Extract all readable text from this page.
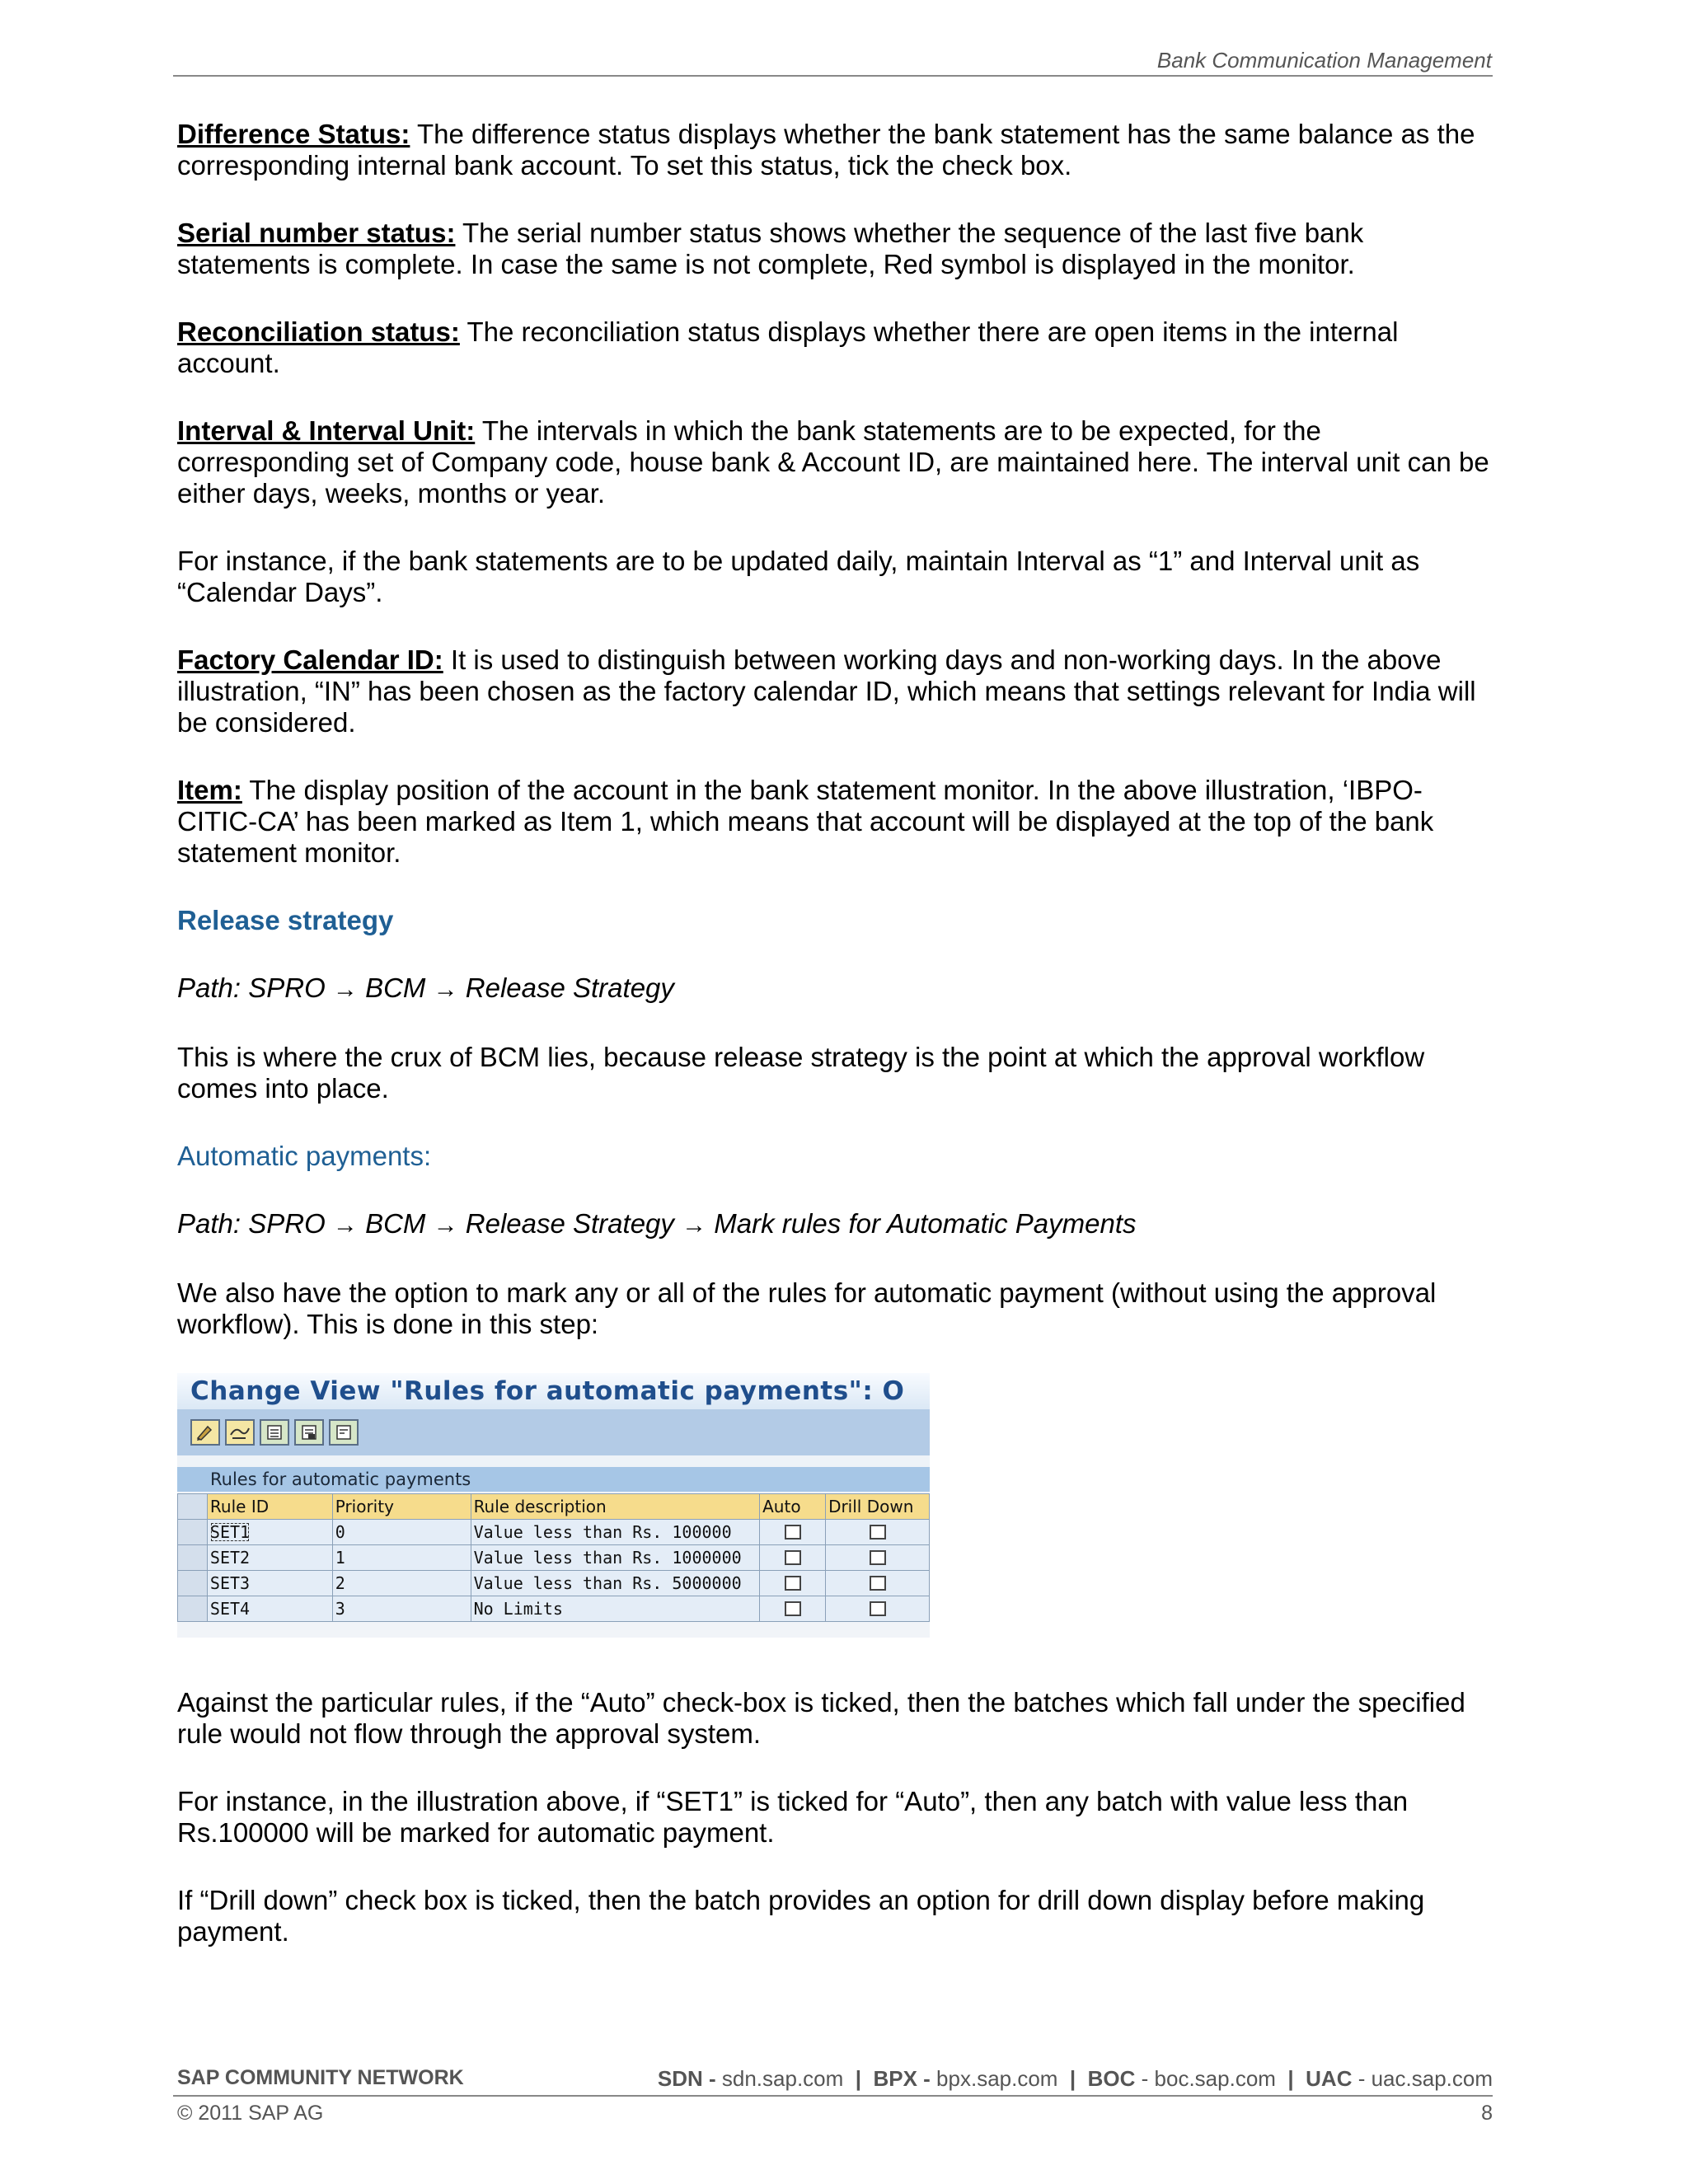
Bank Communication Management

Difference Status: The difference status displays whether the bank statement has the same balance as the corresponding internal bank account. To set this status, tick the check box.

Serial number status: The serial number status shows whether the sequence of the last five bank statements is complete. In case the same is not complete, Red symbol is displayed in the monitor.

Reconciliation status: The reconciliation status displays whether there are open items in the internal account.

Interval & Interval Unit: The intervals in which the bank statements are to be expected, for the corresponding set of Company code, house bank & Account ID, are maintained here. The interval unit can be either days, weeks, months or year.

For instance, if the bank statements are to be updated daily, maintain Interval as “1” and Interval unit as “Calendar Days”.

Factory Calendar ID: It is used to distinguish between working days and non-working days. In the above illustration, “IN” has been chosen as the factory calendar ID, which means that settings relevant for India will be considered.

Item: The display position of the account in the bank statement monitor. In the above illustration, ‘IBPO-CITIC-CA’ has been marked as Item 1, which means that account will be displayed at the top of the bank statement monitor.

Release strategy

Path: SPRO → BCM → Release Strategy

This is where the crux of BCM lies, because release strategy is the point at which the approval workflow comes into place.

Automatic payments:

Path: SPRO → BCM → Release Strategy → Mark rules for Automatic Payments

We also have the option to mark any or all of the rules for automatic payment (without using the approval workflow). This is done in this step:

Change View "Rules for automatic payments": O
Rules for automatic payments
	Rule ID	Priority	Rule description	Auto	Drill Down
	SET1	0	Value less than Rs. 100000	

	SET2	1	Value less than Rs. 1000000	

	SET3	2	Value less than Rs. 5000000	

	SET4	3	No Limits	

Against the particular rules, if the “Auto” check-box is ticked, then the batches which fall under the specified rule would not flow through the approval system.

For instance, in the illustration above, if “SET1” is ticked for “Auto”, then any batch with value less than Rs.100000 will be marked for automatic payment.

If “Drill down” check box is ticked, then the batch provides an option for drill down display before making payment.

SAP COMMUNITY NETWORK	SDN - sdn.sap.com | BPX - bpx.sap.com | BOC - boc.sap.com | UAC - uac.sap.com
© 2011 SAP AG	8
